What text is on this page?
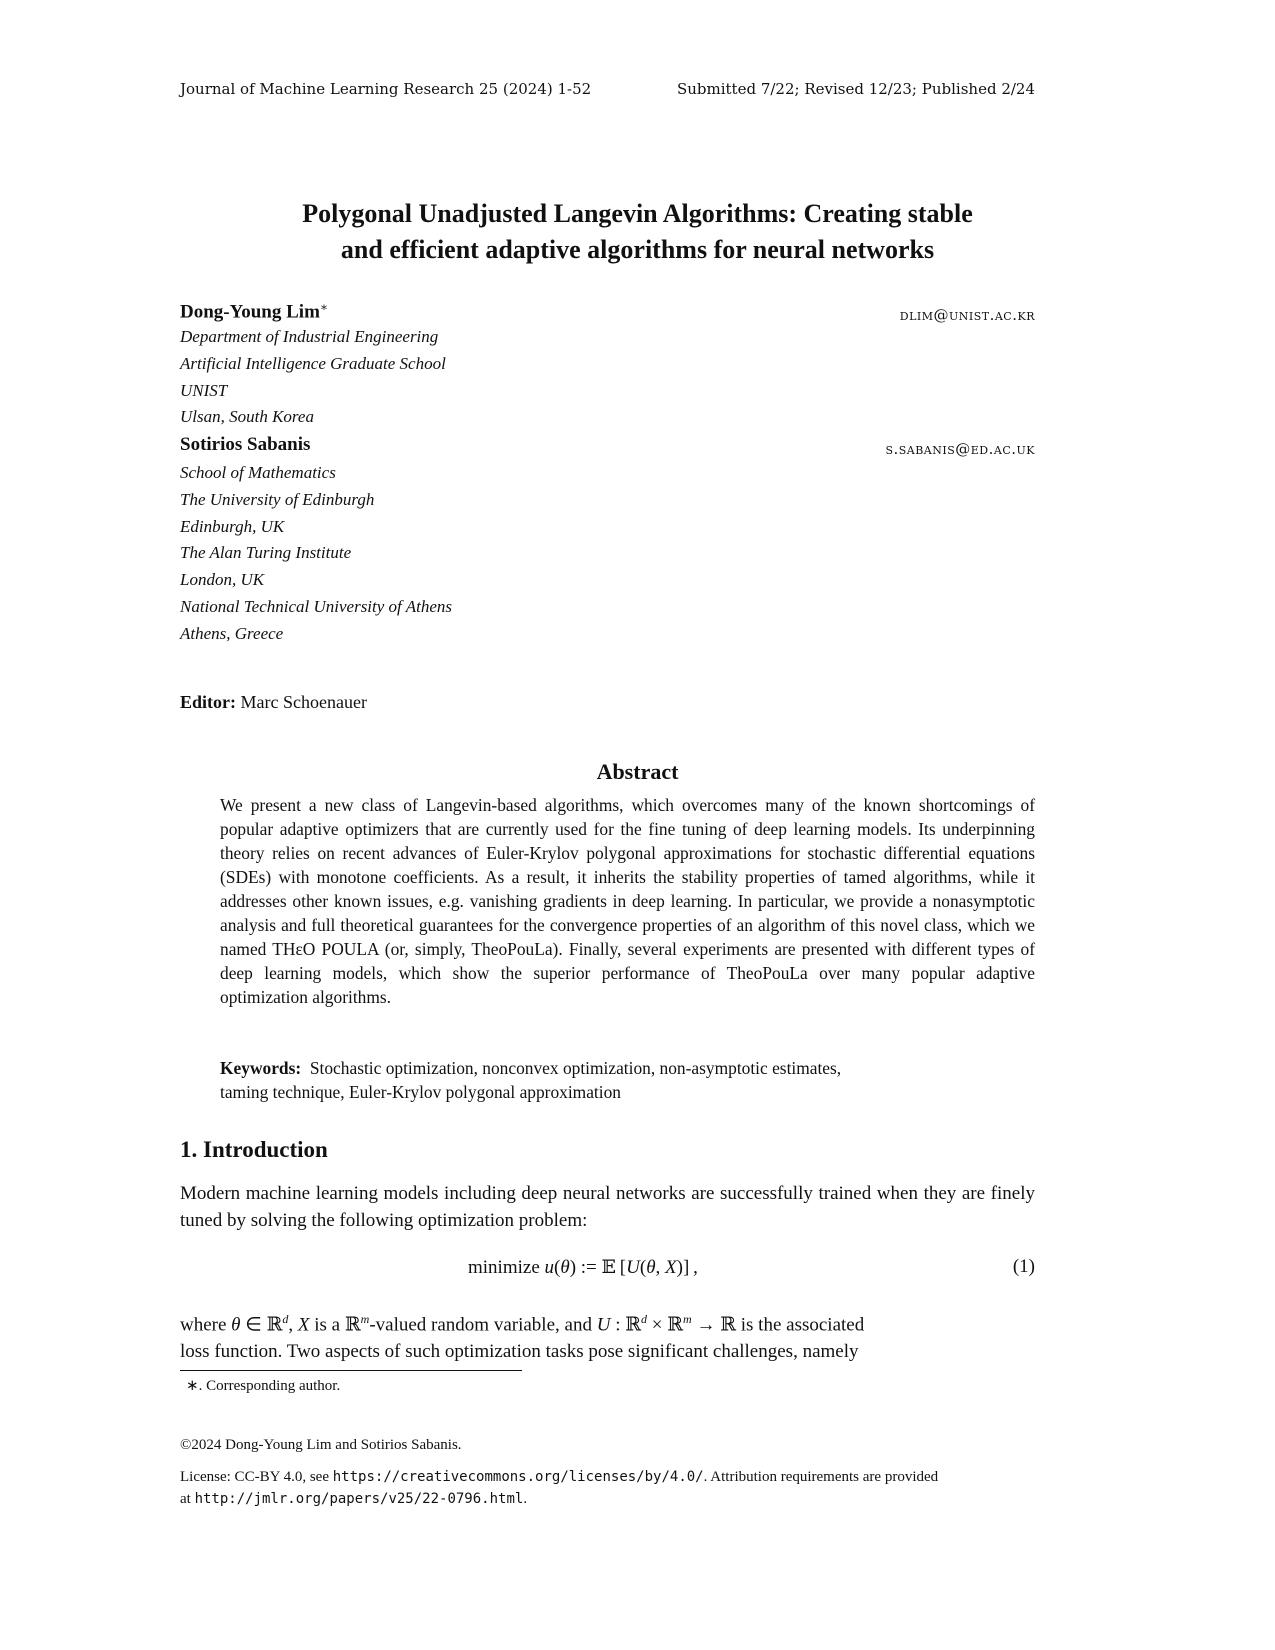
Journal of Machine Learning Research 25 (2024) 1-52	Submitted 7/22; Revised 12/23; Published 2/24
Polygonal Unadjusted Langevin Algorithms: Creating stable
and efficient adaptive algorithms for neural networks
Dong-Young Lim∗	dlim@unist.ac.kr
Department of Industrial Engineering
Artificial Intelligence Graduate School
UNIST
Ulsan, South Korea
Sotirios Sabanis	s.sabanis@ed.ac.uk
School of Mathematics
The University of Edinburgh
Edinburgh, UK
The Alan Turing Institute
London, UK
National Technical University of Athens
Athens, Greece
Editor: Marc Schoenauer
Abstract
We present a new class of Langevin-based algorithms, which overcomes many of the known shortcomings of popular adaptive optimizers that are currently used for the fine tuning of deep learning models. Its underpinning theory relies on recent advances of Euler-Krylov polygonal approximations for stochastic differential equations (SDEs) with monotone coefficients. As a result, it inherits the stability properties of tamed algorithms, while it addresses other known issues, e.g. vanishing gradients in deep learning. In particular, we provide a nonasymptotic analysis and full theoretical guarantees for the convergence properties of an algorithm of this novel class, which we named THεO POULA (or, simply, TheoPouLa). Finally, several experiments are presented with different types of deep learning models, which show the superior performance of TheoPouLa over many popular adaptive optimization algorithms.
Keywords: Stochastic optimization, nonconvex optimization, non-asymptotic estimates,
taming technique, Euler-Krylov polygonal approximation
1. Introduction
Modern machine learning models including deep neural networks are successfully trained when they are finely tuned by solving the following optimization problem:
minimize u(θ) := 𝔼 [U(θ, X)] ,	(1)
where θ ∈ ℝ$^d$, X is a ℝ$^m$-valued random variable, and U : ℝ$^d$ × ℝ$^m$ → ℝ is the associated
loss function. Two aspects of such optimization tasks pose significant challenges, namely
∗. Corresponding author.
©2024 Dong-Young Lim and Sotirios Sabanis.
License: CC-BY 4.0, see https://creativecommons.org/licenses/by/4.0/. Attribution requirements are provided
at http://jmlr.org/papers/v25/22-0796.html.
